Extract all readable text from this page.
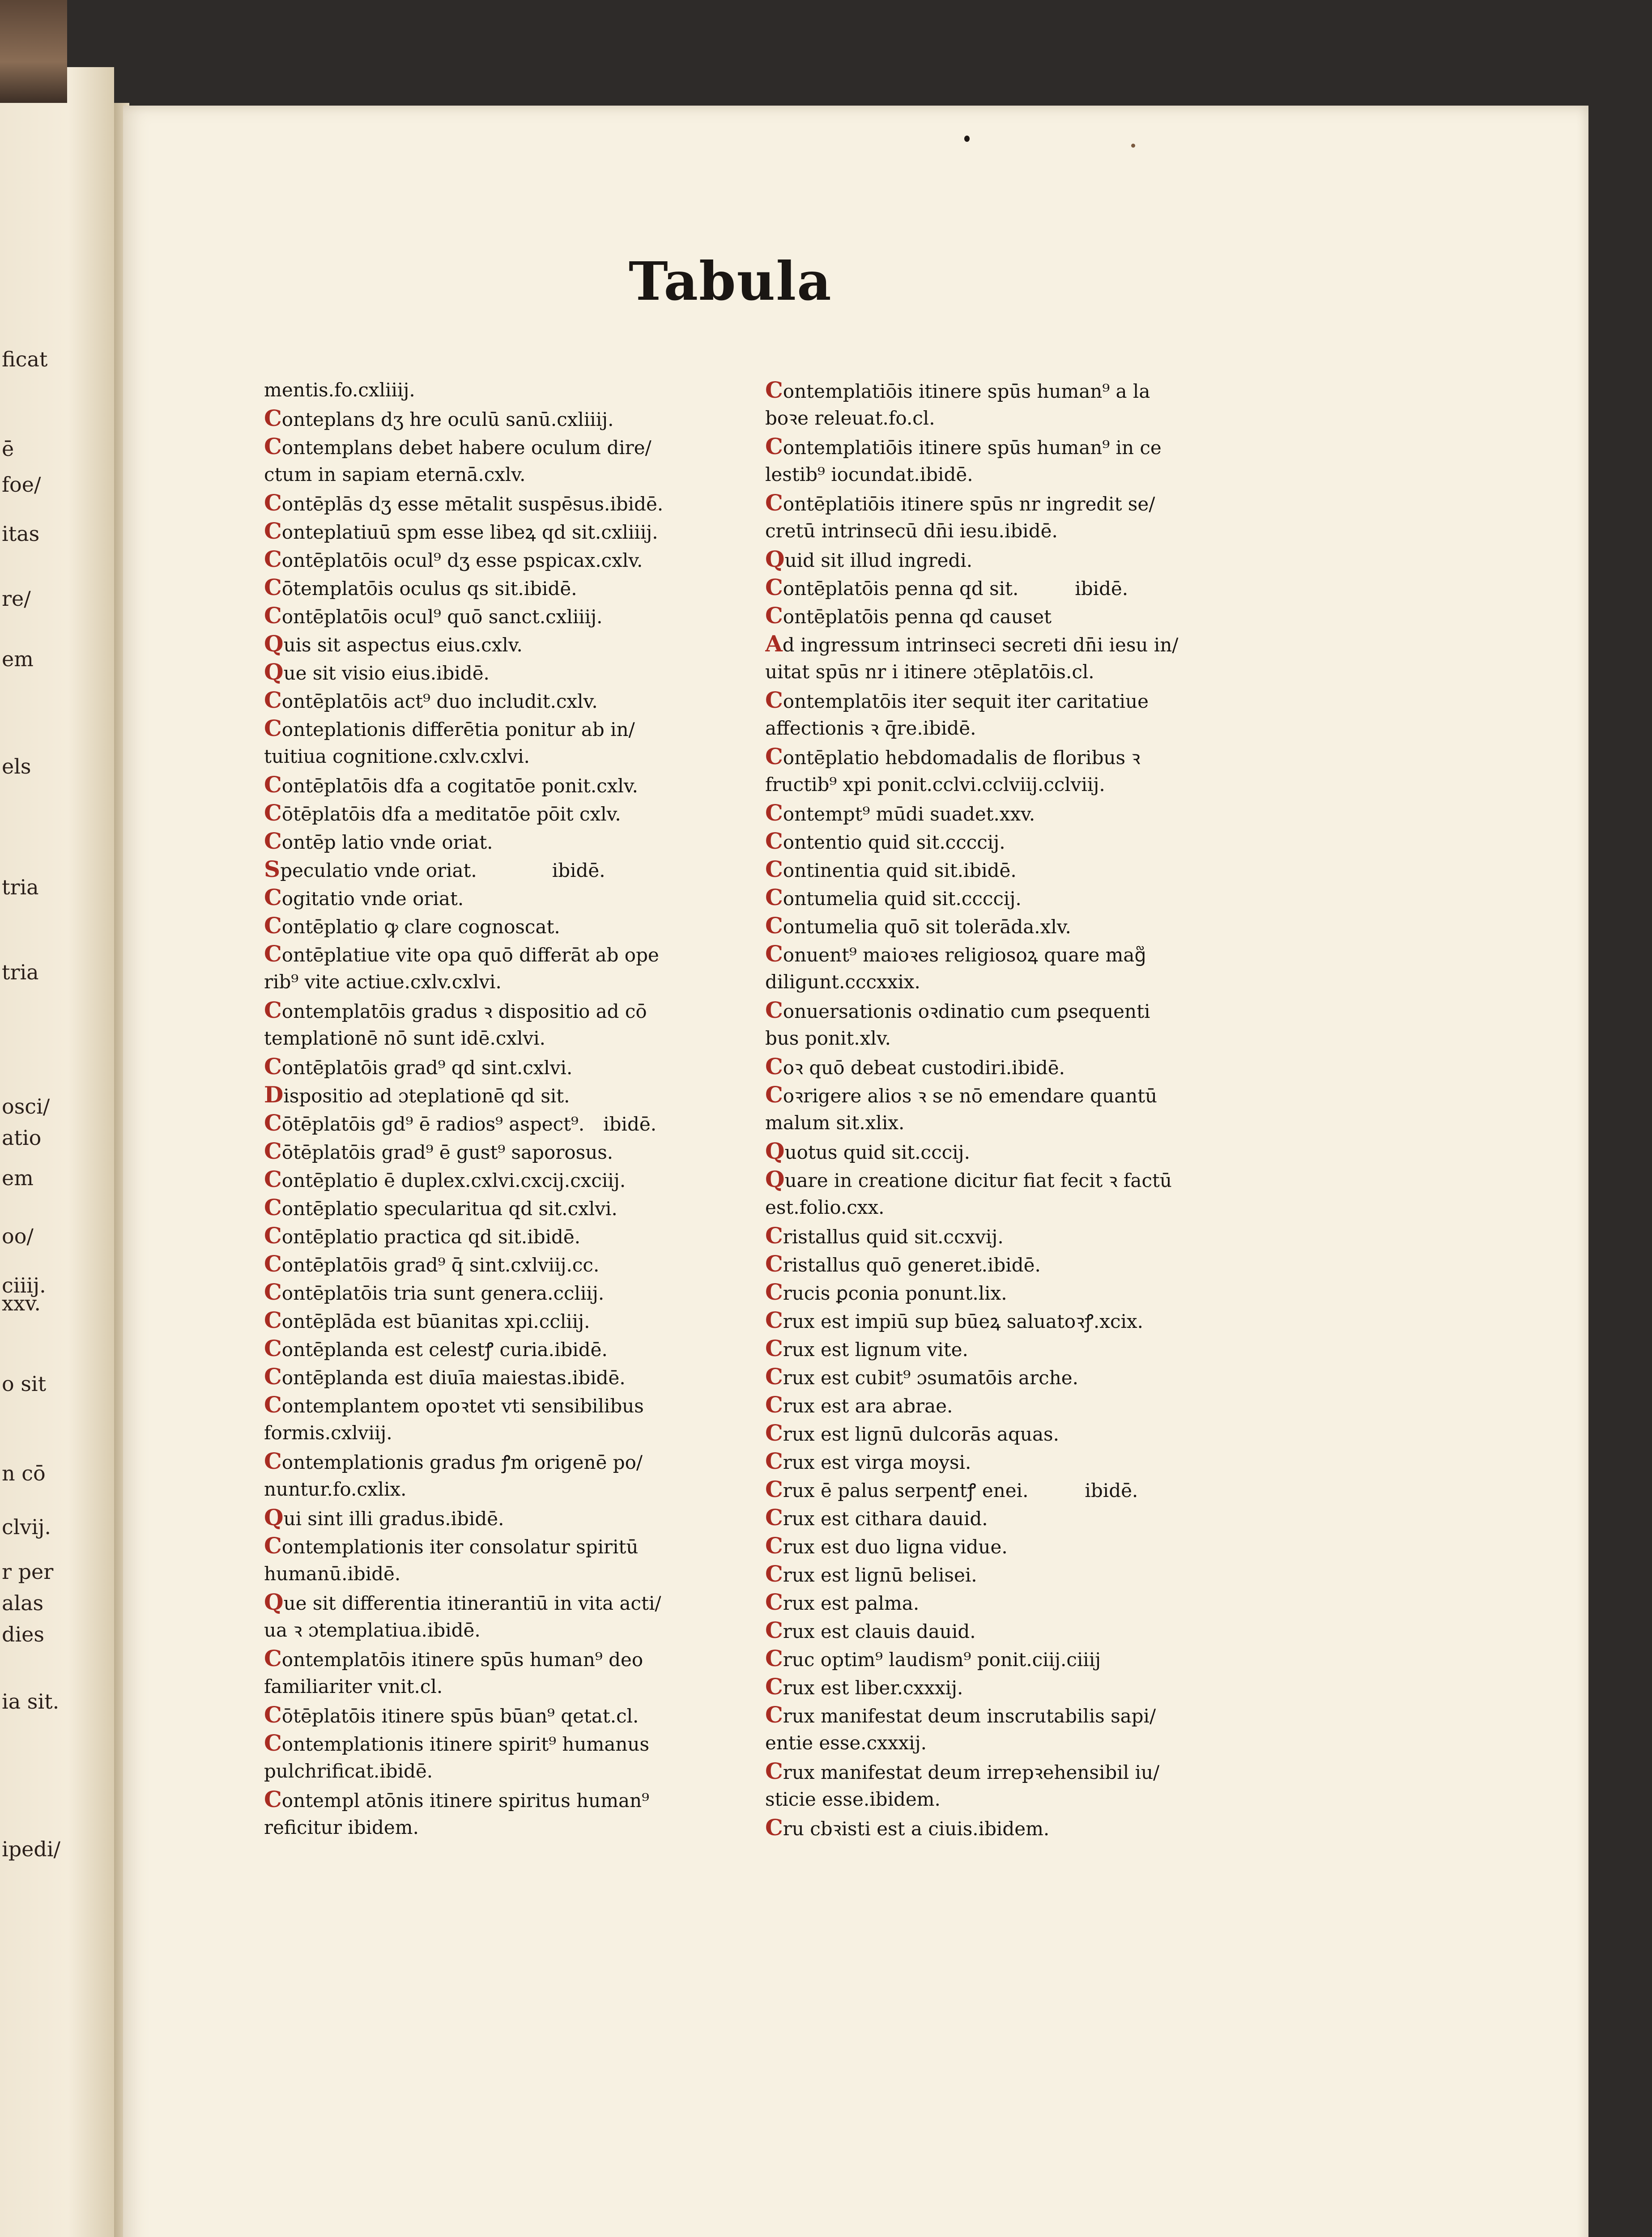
ficat
ē
foe/
itas
re/
em
els
tria
tria
osci/
atio
em
oo/
ciiij.
xxv.
o sit
n cō
clvij.
r per
alas
dies
ia sit.
ipedi/
Tabula
mentis.fo.cxliiij.
Conteplans dʒ hre oculū sanū.cxliiij.
Contemplans debet habere oculum dire/
ctum in sapiam eternā.cxlv.
Contēplās dʒ esse mētalit suspēsus.ibidē.
Conteplatiuū spm esse libeꝝ qd sit.cxliiij.
Contēplatōis ocul⁹ dʒ esse pspicax.cxlv.
Cōtemplatōis oculus qs sit.ibidē.
Contēplatōis ocul⁹ quō sanct.cxliiij.
Quis sit aspectus eius.cxlv.
Que sit visio eius.ibidē.
Contēplatōis act⁹ duo includit.cxlv.
Conteplationis differētia ponitur ab in/
tuitiua cognitione.cxlv.cxlvi.
Contēplatōis dfa a cogitatōe ponit.cxlv.
Cōtēplatōis dfa a meditatōe pōit cxlv.
Contēp latio vnde oriat.
Speculatio vnde oriat.    ibidē.
Cogitatio vnde oriat.
Contēplatio ꝙ clare cognoscat.
Contēplatiue vite opa quō differāt ab ope
rib⁹ vite actiue.cxlv.cxlvi.
Contemplatōis gradus ꝛ dispositio ad cō
templationē nō sunt idē.cxlvi.
Contēplatōis grad⁹ qd sint.cxlvi.
Dispositio ad ɔteplationē qd sit.
Cōtēplatōis gd⁹ ē radios⁹ aspect⁹. ibidē.
Cōtēplatōis grad⁹ ē gust⁹ saporosus.
Contēplatio ē duplex.cxlvi.cxcij.cxciij.
Contēplatio specularitua qd sit.cxlvi.
Contēplatio practica qd sit.ibidē.
Contēplatōis grad⁹ q̄ sint.cxlviij.cc.
Contēplatōis tria sunt genera.ccliij.
Contēplāda est būanitas xpi.ccliij.
Contēplanda est celestꝭ curia.ibidē.
Contēplanda est diuīa maiestas.ibidē.
Contemplantem opoꝛtet vti sensibilibus
formis.cxlviij.
Contemplationis gradus ꝭm origenē po/
nuntur.fo.cxlix.
Qui sint illi gradus.ibidē.
Contemplationis iter consolatur spiritū
humanū.ibidē.
Que sit differentia itinerantiū in vita acti/
ua ꝛ ɔtemplatiua.ibidē.
Contemplatōis itinere spūs human⁹ deo
familiariter vnit.cl.
Cōtēplatōis itinere spūs būan⁹ qetat.cl.
Contemplationis itinere spirit⁹ humanus
pulchrificat.ibidē.
Contempl atōnis itinere spiritus human⁹
reficitur ibidem.
Contemplatiōis itinere spūs human⁹ a la
boꝛe releuat.fo.cl.
Contemplatiōis itinere spūs human⁹ in ce
lestib⁹ iocundat.ibidē.
Contēplatiōis itinere spūs nr ingredit se/
cretū intrinsecū dn̄i iesu.ibidē.
Quid sit illud ingredi.
Contēplatōis penna qd sit.   ibidē.
Contēplatōis penna qd causet
Ad ingressum intrinseci secreti dn̄i iesu in/
uitat spūs nr i itinere ɔtēplatōis.cl.
Contemplatōis iter sequit iter caritatiue
affectionis ꝛ q̄re.ibidē.
Contēplatio hebdomadalis de floribus ꝛ
fructib⁹ xpi ponit.cclvi.cclviij.cclviij.
Contempt⁹ mūdi suadet.xxv.
Contentio quid sit.ccccij.
Continentia quid sit.ibidē.
Contumelia quid sit.ccccij.
Contumelia quō sit tolerāda.xlv.
Conuent⁹ maioꝛes religiosoꝝ quare mag᷑
diligunt.cccxxix.
Conuersationis oꝛdinatio cum ꝑsequenti
bus ponit.xlv.
Coꝛ quō debeat custodiri.ibidē.
Coꝛrigere alios ꝛ se nō emendare quantū
malum sit.xlix.
Quotus quid sit.cccij.
Quare in creatione dicitur fiat fecit ꝛ factū
est.folio.cxx.
Cristallus quid sit.ccxvij.
Cristallus quō generet.ibidē.
Crucis ꝑconia ponunt.lix.
Crux est impiū sup būeꝝ saluatoꝛꝭ.xcix.
Crux est lignum vite.
Crux est cubit⁹ ɔsumatōis arche.
Crux est ara abrae.
Crux est lignū dulcorās aquas.
Crux est virga moysi.
Crux ē palus serpentꝭ enei.   ibidē.
Crux est cithara dauid.
Crux est duo ligna vidue.
Crux est lignū belisei.
Crux est palma.
Crux est clauis dauid.
Cruc optim⁹ laudism⁹ ponit.ciij.ciiij
Crux est liber.cxxxij.
Crux manifestat deum inscrutabilis sapi/
entie esse.cxxxij.
Crux manifestat deum irrepꝛehensibil iu/
sticie esse.ibidem.
Cru cbꝛisti est a ciuis.ibidem.
